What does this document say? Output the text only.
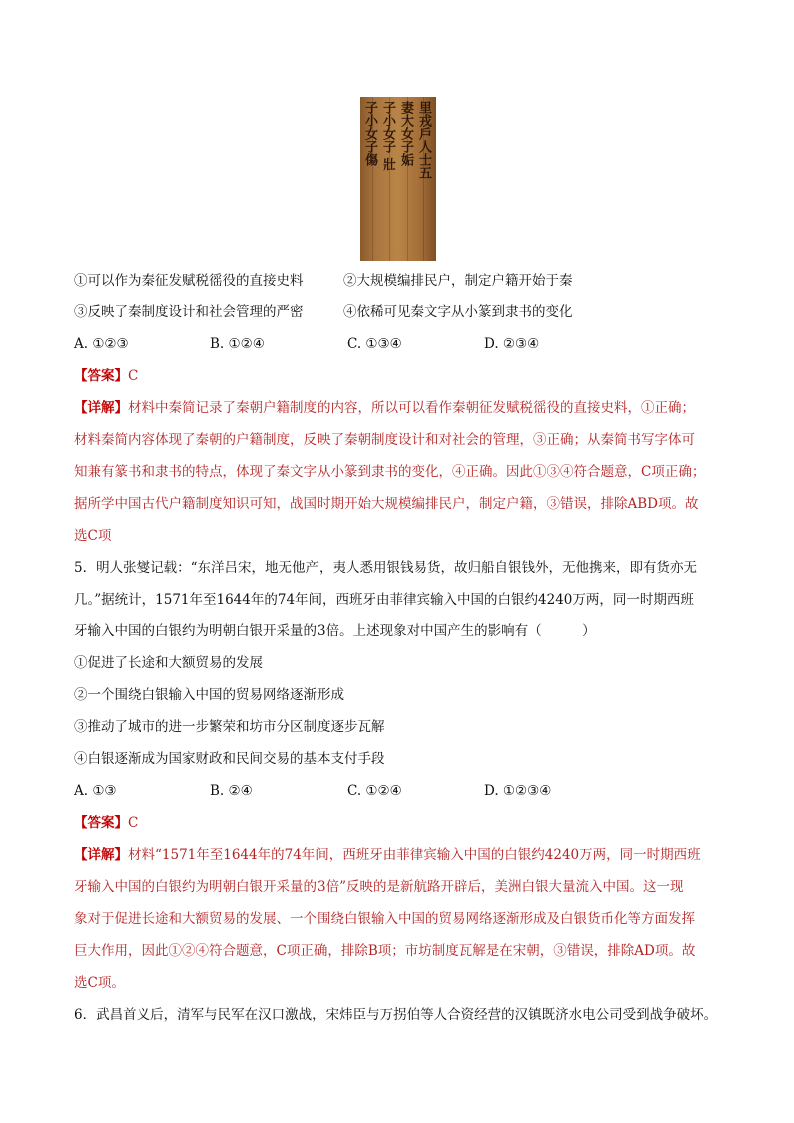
里戎戶人士五
妻大女子姤
子小女子 壯
子小女子傷
①可以作为秦征发赋税徭役的直接史料	②大规模编排民户，制定户籍开始于秦
③反映了秦制度设计和社会管理的严密	④依稀可见秦文字从小篆到隶书的变化
A. ①②③	B. ①②④	C. ①③④	D. ②③④
【答案】C
【详解】材料中秦简记录了秦朝户籍制度的内容，所以可以看作秦朝征发赋税徭役的直接史料，①正确；
材料秦简内容体现了秦朝的户籍制度，反映了秦朝制度设计和对社会的管理，③正确；从秦简书写字体可
知兼有篆书和隶书的特点，体现了秦文字从小篆到隶书的变化，④正确。因此①③④符合题意，C项正确；
据所学中国古代户籍制度知识可知，战国时期开始大规模编排民户，制定户籍，③错误，排除ABD项。故
选C项
5．明人张燮记载：“东洋吕宋，地无他产，夷人悉用银钱易货，故归船自银钱外，无他携来，即有货亦无
几。”据统计，1571年至1644年的74年间，西班牙由菲律宾输入中国的白银约4240万两，同一时期西班
牙输入中国的白银约为明朝白银开采量的3倍。上述现象对中国产生的影响有（　　　）
①促进了长途和大额贸易的发展
②一个围绕白银输入中国的贸易网络逐渐形成
③推动了城市的进一步繁荣和坊市分区制度逐步瓦解
④白银逐渐成为国家财政和民间交易的基本支付手段
A. ①③	B. ②④	C. ①②④	D. ①②③④
【答案】C
【详解】材料“1571年至1644年的74年间，西班牙由菲律宾输入中国的白银约4240万两，同一时期西班
牙输入中国的白银约为明朝白银开采量的3倍”反映的是新航路开辟后，美洲白银大量流入中国。这一现
象对于促进长途和大额贸易的发展、一个围绕白银输入中国的贸易网络逐渐形成及白银货币化等方面发挥
巨大作用，因此①②④符合题意，C项正确，排除B项；市坊制度瓦解是在宋朝，③错误，排除AD项。故
选C项。
6．武昌首义后，清军与民军在汉口激战，宋炜臣与万拐伯等人合资经营的汉镇既济水电公司受到战争破坏。
